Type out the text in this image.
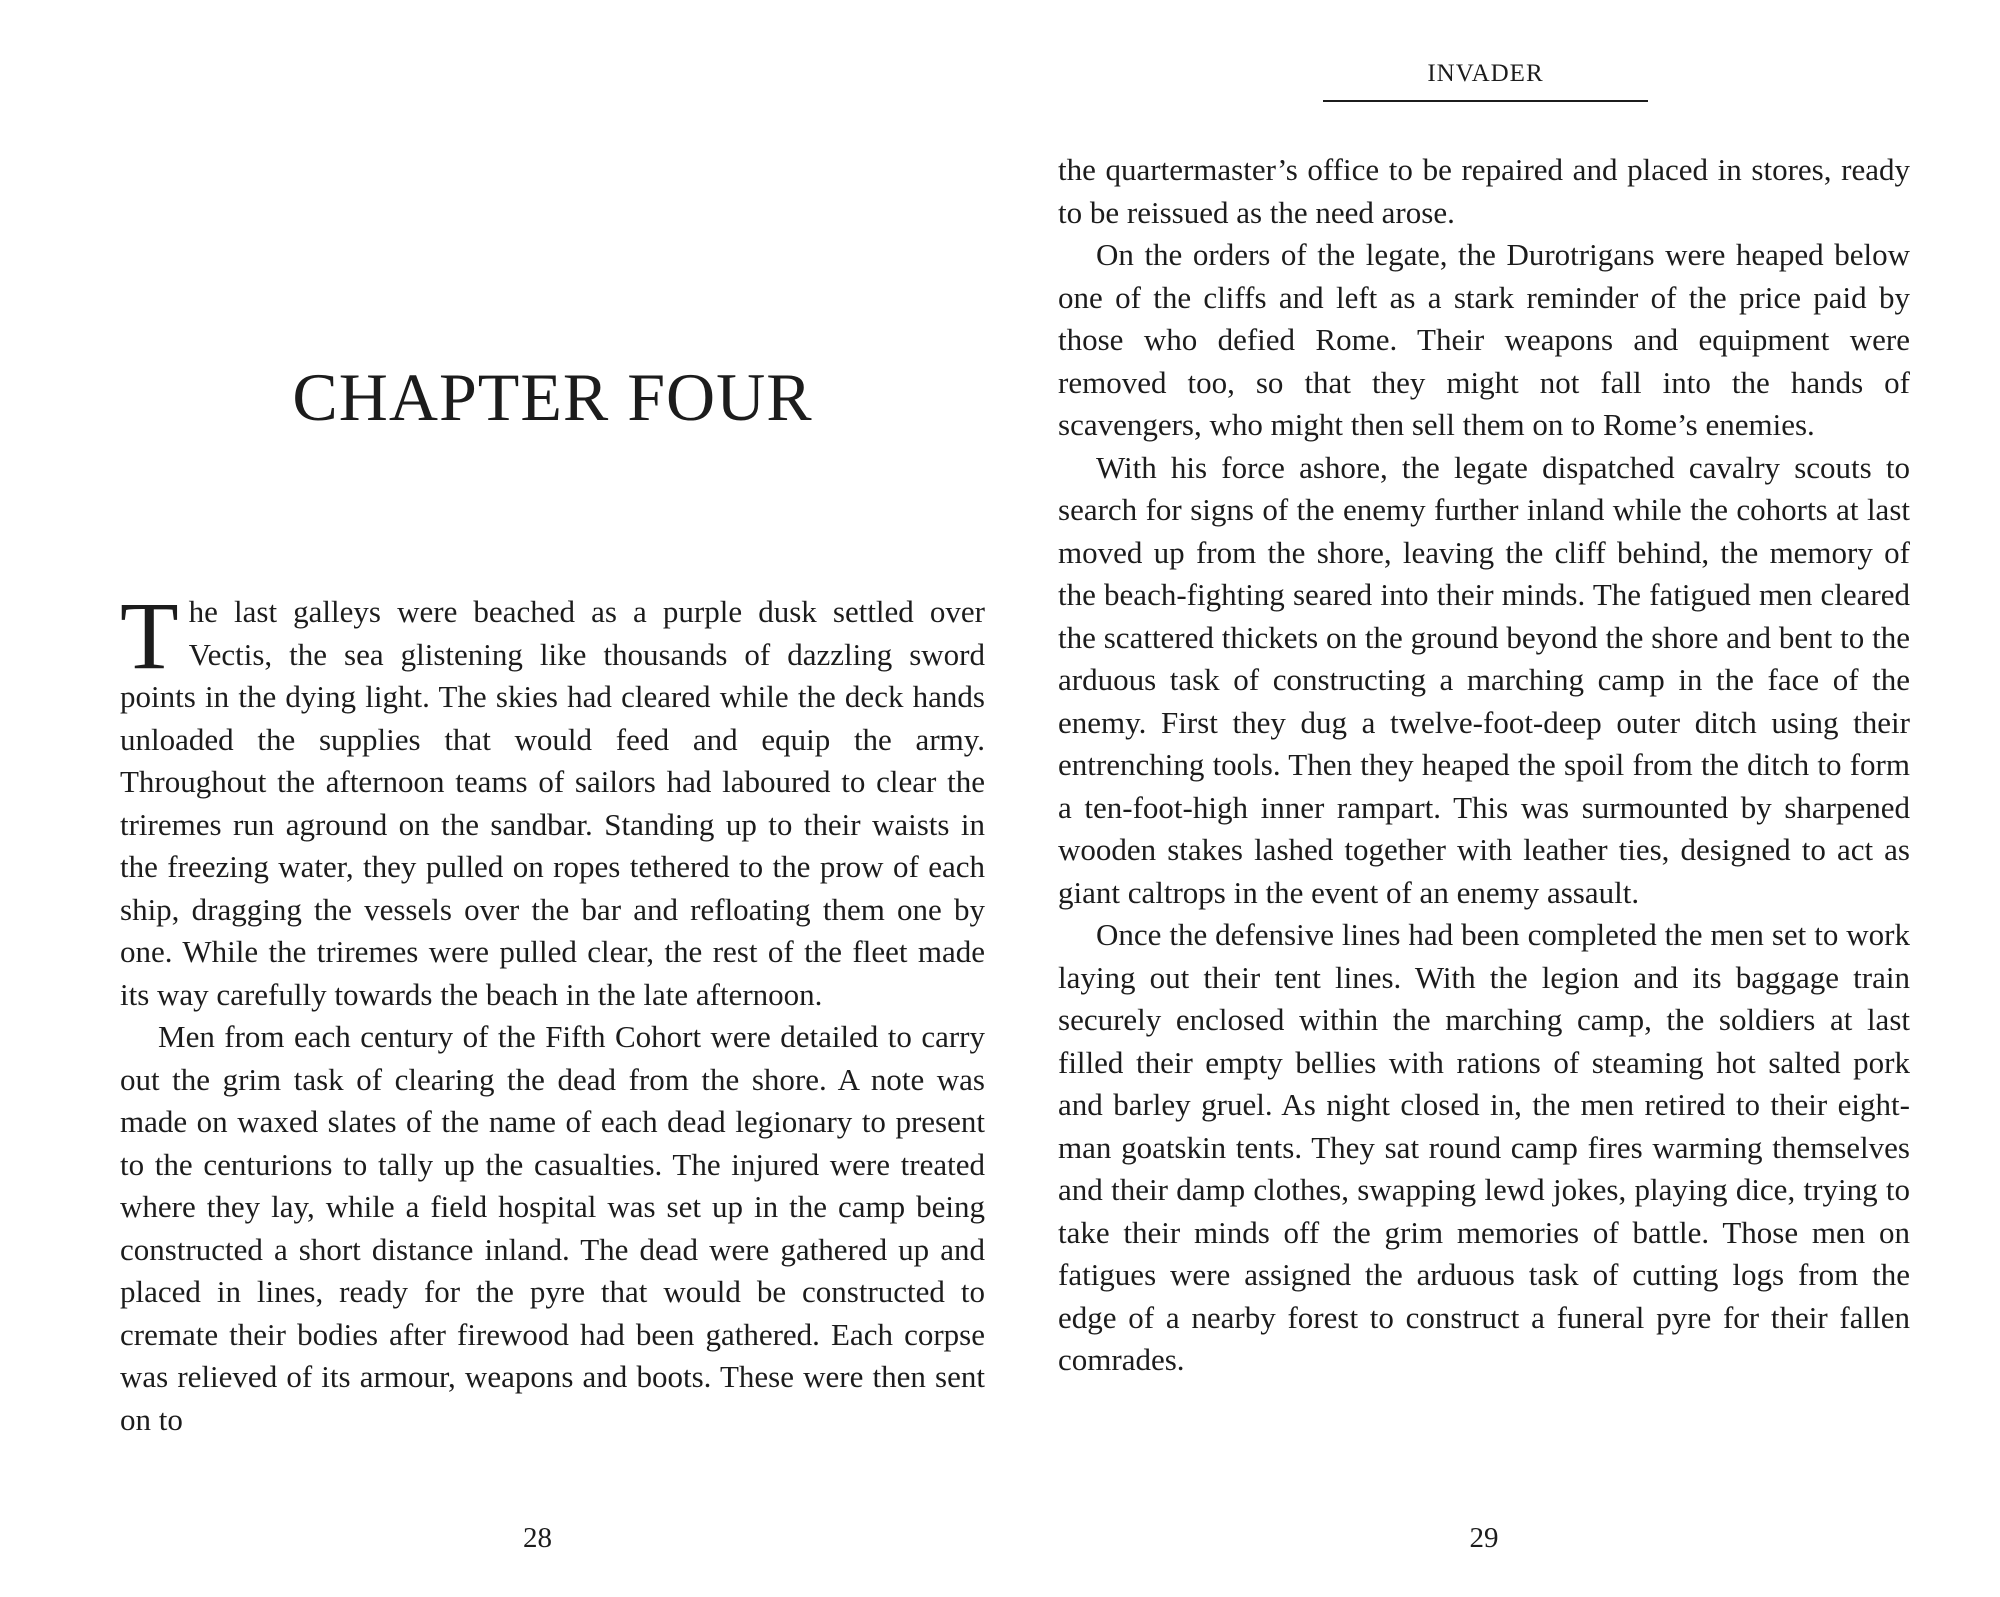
CHAPTER FOUR

The last galleys were beached as a purple dusk settled over Vectis, the sea glistening like thousands of dazzling sword points in the dying light. The skies had cleared while the deck hands unloaded the supplies that would feed and equip the army. Throughout the afternoon teams of sailors had laboured to clear the triremes run aground on the sandbar. Standing up to their waists in the freezing water, they pulled on ropes tethered to the prow of each ship, dragging the vessels over the bar and refloating them one by one. While the triremes were pulled clear, the rest of the fleet made its way carefully towards the beach in the late afternoon.

Men from each century of the Fifth Cohort were detailed to carry out the grim task of clearing the dead from the shore. A note was made on waxed slates of the name of each dead legionary to present to the centurions to tally up the casualties. The injured were treated where they lay, while a field hospital was set up in the camp being constructed a short distance inland. The dead were gathered up and placed in lines, ready for the pyre that would be constructed to cremate their bodies after firewood had been gathered. Each corpse was relieved of its armour, weapons and boots. These were then sent on to

28
INVADER

the quartermaster’s office to be repaired and placed in stores, ready to be reissued as the need arose.

On the orders of the legate, the Durotrigans were heaped below one of the cliffs and left as a stark reminder of the price paid by those who defied Rome. Their weapons and equipment were removed too, so that they might not fall into the hands of scavengers, who might then sell them on to Rome’s enemies.

With his force ashore, the legate dispatched cavalry scouts to search for signs of the enemy further inland while the cohorts at last moved up from the shore, leaving the cliff behind, the memory of the beach-fighting seared into their minds. The fatigued men cleared the scattered thickets on the ground beyond the shore and bent to the arduous task of constructing a marching camp in the face of the enemy. First they dug a twelve-foot-deep outer ditch using their entrenching tools. Then they heaped the spoil from the ditch to form a ten-foot-high inner rampart. This was surmounted by sharpened wooden stakes lashed together with leather ties, designed to act as giant caltrops in the event of an enemy assault.

Once the defensive lines had been completed the men set to work laying out their tent lines. With the legion and its baggage train securely enclosed within the marching camp, the soldiers at last filled their empty bellies with rations of steaming hot salted pork and barley gruel. As night closed in, the men retired to their eight-man goatskin tents. They sat round camp fires warming themselves and their damp clothes, swapping lewd jokes, playing dice, trying to take their minds off the grim memories of battle. Those men on fatigues were assigned the arduous task of cutting logs from the edge of a nearby forest to construct a funeral pyre for their fallen comrades.

29
